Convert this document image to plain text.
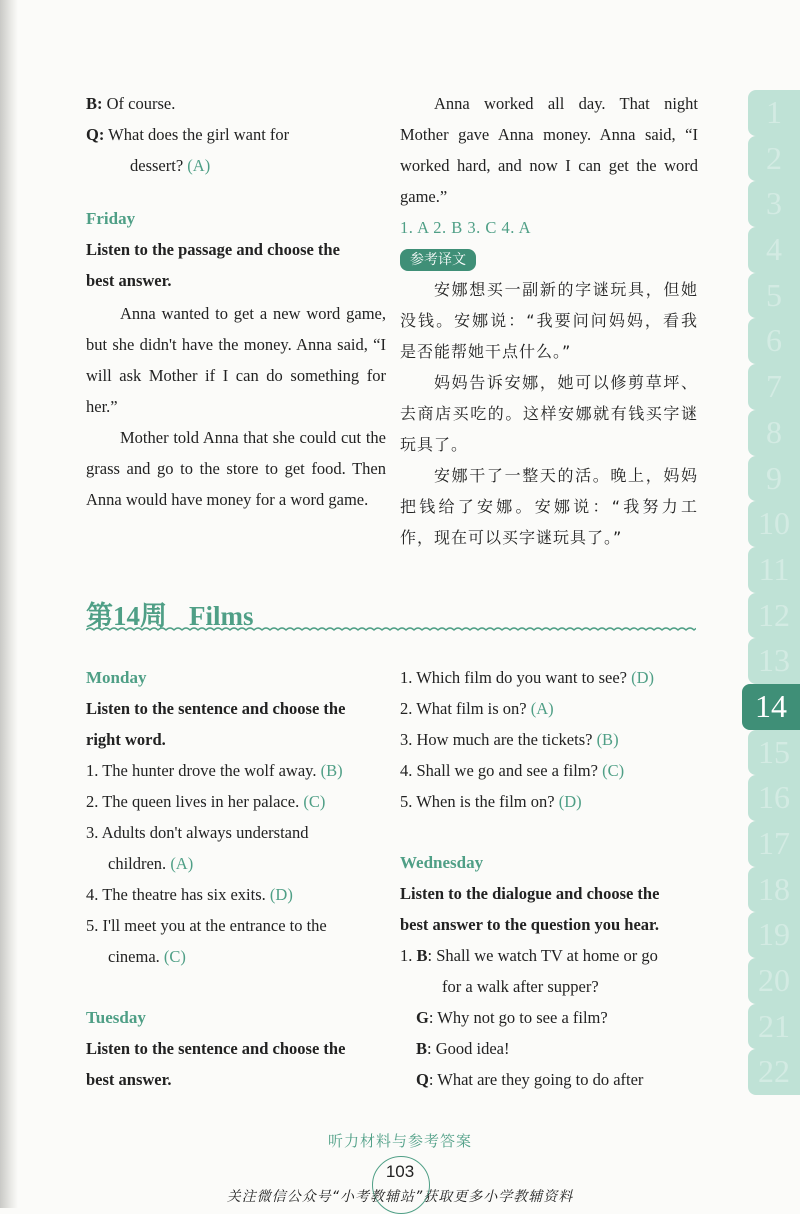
B: Of course.
Q: What does the girl want for
dessert? (A)
Friday
Listen to the passage and choose the
best answer.
Anna wanted to get a new word game, but she didn't have the money. Anna said, “I will ask Mother if I can do something for her.”
Mother told Anna that she could cut the grass and go to the store to get food. Then Anna would have money for a word game.
Anna worked all day. That night Mother gave Anna money. Anna said, “I worked hard, and now I can get the word game.”
1. A 2. B 3. C 4. A
参考译文
安娜想买一副新的字谜玩具，但她没钱。安娜说：“我要问问妈妈，看我是否能帮她干点什么。”
妈妈告诉安娜，她可以修剪草坪、去商店买吃的。这样安娜就有钱买字谜玩具了。
安娜干了一整天的活。晚上，妈妈把钱给了安娜。安娜说：“我努力工作，现在可以买字谜玩具了。”
第14周 Films
Monday
Listen to the sentence and choose the
right word.
1. The hunter drove the wolf away. (B)
2. The queen lives in her palace. (C)
3. Adults don't always understand
children. (A)
4. The theatre has six exits. (D)
5. I'll meet you at the entrance to the
cinema. (C)
Tuesday
Listen to the sentence and choose the
best answer.
1. Which film do you want to see? (D)
2. What film is on? (A)
3. How much are the tickets? (B)
4. Shall we go and see a film? (C)
5. When is the film on? (D)
Wednesday
Listen to the dialogue and choose the
best answer to the question you hear.
1. B: Shall we watch TV at home or go
for a walk after supper?
G: Why not go to see a film?
B: Good idea!
Q: What are they going to do after
1
2
3
4
5
6
7
8
9
10
11
12
13
14
15
16
17
18
19
20
21
22
听力材料与参考答案
103
关注微信公众号“小考教辅站”获取更多小学教辅资料
